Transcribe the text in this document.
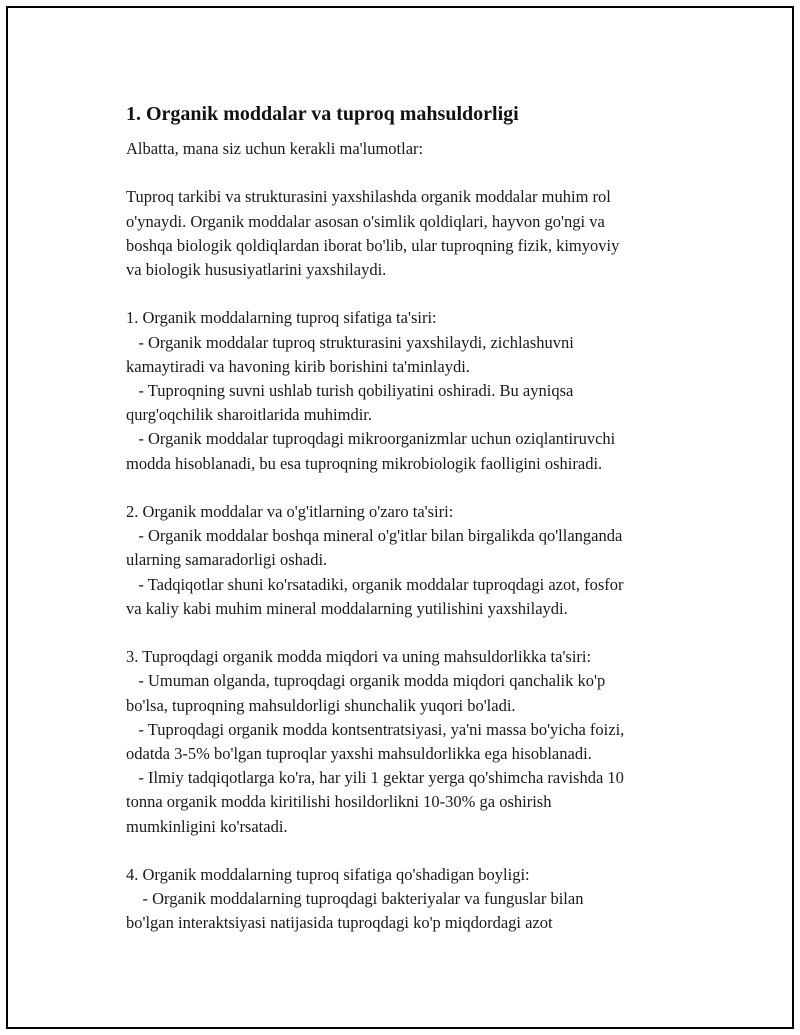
1. Organik moddalar va tuproq mahsuldorligi

Albatta, mana siz uchun kerakli ma'lumotlar:

Tuproq tarkibi va strukturasini yaxshilashda organik moddalar muhim rol

o'ynaydi. Organik moddalar asosan o'simlik qoldiqlari, hayvon go'ngi va

boshqa biologik qoldiqlardan iborat bo'lib, ular tuproqning fizik, kimyoviy

va biologik hususiyatlarini yaxshilaydi.

1. Organik moddalarning tuproq sifatiga ta'siri:

- Organik moddalar tuproq strukturasini yaxshilaydi, zichlashuvni

kamaytiradi va havoning kirib borishini ta'minlaydi.

- Tuproqning suvni ushlab turish qobiliyatini oshiradi. Bu ayniqsa

qurg'oqchilik sharoitlarida muhimdir.

- Organik moddalar tuproqdagi mikroorganizmlar uchun oziqlantiruvchi

modda hisoblanadi, bu esa tuproqning mikrobiologik faolligini oshiradi.

2. Organik moddalar va o'g'itlarning o'zaro ta'siri:

- Organik moddalar boshqa mineral o'g'itlar bilan birgalikda qo'llanganda

ularning samaradorligi oshadi.

- Tadqiqotlar shuni ko'rsatadiki, organik moddalar tuproqdagi azot, fosfor

va kaliy kabi muhim mineral moddalarning yutilishini yaxshilaydi.

3. Tuproqdagi organik modda miqdori va uning mahsuldorlikka ta'siri:

- Umuman olganda, tuproqdagi organik modda miqdori qanchalik ko'p

bo'lsa, tuproqning mahsuldorligi shunchalik yuqori bo'ladi.

- Tuproqdagi organik modda kontsentratsiyasi, ya'ni massa bo'yicha foizi,

odatda 3-5% bo'lgan tuproqlar yaxshi mahsuldorlikka ega hisoblanadi.

- Ilmiy tadqiqotlarga ko'ra, har yili 1 gektar yerga qo'shimcha ravishda 10

tonna organik modda kiritilishi hosildorlikni 10-30% ga oshirish

mumkinligini ko'rsatadi.

4. Organik moddalarning tuproq sifatiga qo'shadigan boyligi:

- Organik moddalarning tuproqdagi bakteriyalar va funguslar bilan

bo'lgan interaktsiyasi natijasida tuproqdagi ko'p miqdordagi azot
